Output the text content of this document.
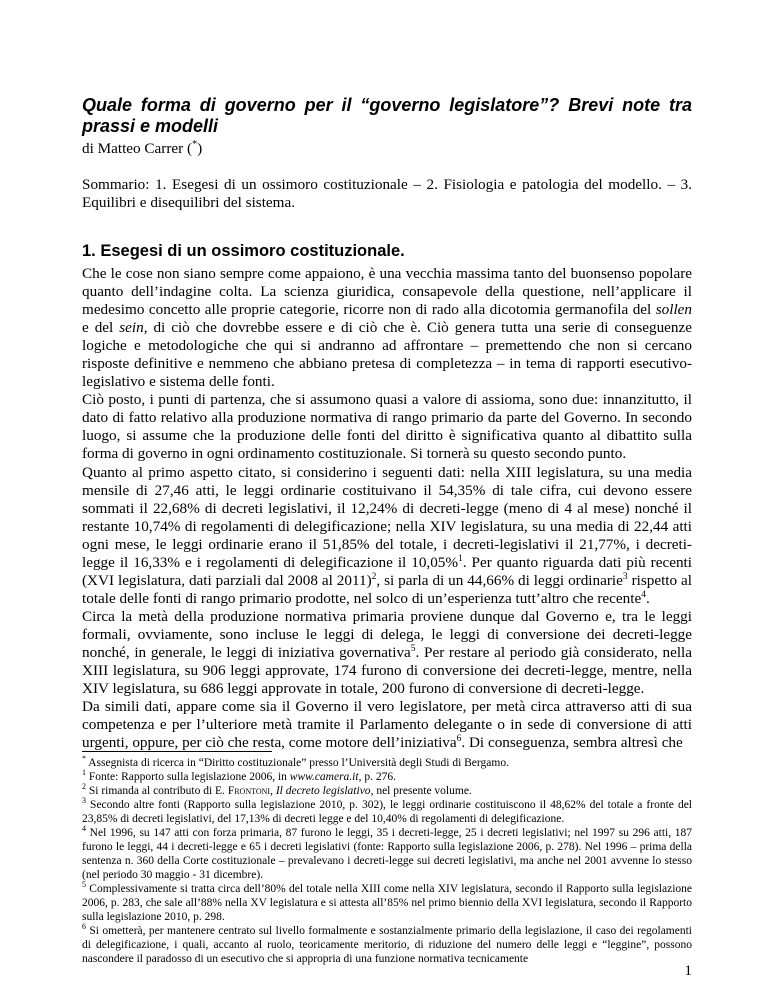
Quale forma di governo per il “governo legislatore”? Brevi note tra prassi e modelli
di Matteo Carrer (*)
Sommario: 1. Esegesi di un ossimoro costituzionale – 2. Fisiologia e patologia del modello. – 3. Equilibri e disequilibri del sistema.
1. Esegesi di un ossimoro costituzionale.

Che le cose non siano sempre come appaiono, è una vecchia massima tanto del buonsenso popolare quanto dell’indagine colta. La scienza giuridica, consapevole della questione, nell’applicare il medesimo concetto alle proprie categorie, ricorre non di rado alla dicotomia germanofila del sollen e del sein, di ciò che dovrebbe essere e di ciò che è. Ciò genera tutta una serie di conseguenze logiche e metodologiche che qui si andranno ad affrontare – premettendo che non si cercano risposte definitive e nemmeno che abbiano pretesa di completezza – in tema di rapporti esecutivo-legislativo e sistema delle fonti.

Ciò posto, i punti di partenza, che si assumono quasi a valore di assioma, sono due: innanzitutto, il dato di fatto relativo alla produzione normativa di rango primario da parte del Governo. In secondo luogo, si assume che la produzione delle fonti del diritto è significativa quanto al dibattito sulla forma di governo in ogni ordinamento costituzionale. Si tornerà su questo secondo punto.

Quanto al primo aspetto citato, si considerino i seguenti dati: nella XIII legislatura, su una media mensile di 27,46 atti, le leggi ordinarie costituivano il 54,35% di tale cifra, cui devono essere sommati il 22,68% di decreti legislativi, il 12,24% di decreti-legge (meno di 4 al mese) nonché il restante 10,74% di regolamenti di delegificazione; nella XIV legislatura, su una media di 22,44 atti ogni mese, le leggi ordinarie erano il 51,85% del totale, i decreti-legislativi il 21,77%, i decreti-legge il 16,33% e i regolamenti di delegificazione il 10,05%$^1$. Per quanto riguarda dati più recenti (XVI legislatura, dati parziali dal 2008 al 2011)$^2$, si parla di un 44,66% di leggi ordinarie$^3$ rispetto al totale delle fonti di rango primario prodotte, nel solco di un’esperienza tutt’altro che recente$^4$.

Circa la metà della produzione normativa primaria proviene dunque dal Governo e, tra le leggi formali, ovviamente, sono incluse le leggi di delega, le leggi di conversione dei decreti-legge nonché, in generale, le leggi di iniziativa governativa$^5$. Per restare al periodo già considerato, nella XIII legislatura, su 906 leggi approvate, 174 furono di conversione dei decreti-legge, mentre, nella XIV legislatura, su 686 leggi approvate in totale, 200 furono di conversione di decreti-legge.

Da simili dati, appare come sia il Governo il vero legislatore, per metà circa attraverso atti di sua competenza e per l’ulteriore metà tramite il Parlamento delegante o in sede di conversione di atti urgenti, oppure, per ciò che resta, come motore dell’iniziativa$^6$. Di conseguenza, sembra altresì che

* Assegnista di ricerca in “Diritto costituzionale” presso l’Università degli Studi di Bergamo.

$^1$ Fonte: Rapporto sulla legislazione 2006, in www.camera.it, p. 276.

$^2$ Si rimanda al contributo di E. Frontoni, Il decreto legislativo, nel presente volume.

$^3$ Secondo altre fonti (Rapporto sulla legislazione 2010, p. 302), le leggi ordinarie costituiscono il 48,62% del totale a fronte del 23,85% di decreti legislativi, del 17,13% di decreti legge e del 10,40% di regolamenti di delegificazione.

$^4$ Nel 1996, su 147 atti con forza primaria, 87 furono le leggi, 35 i decreti-legge, 25 i decreti legislativi; nel 1997 su 296 atti, 187 furono le leggi, 44 i decreti-legge e 65 i decreti legislativi (fonte: Rapporto sulla legislazione 2006, p. 278). Nel 1996 – prima della sentenza n. 360 della Corte costituzionale – prevalevano i decreti-legge sui decreti legislativi, ma anche nel 2001 avvenne lo stesso (nel periodo 30 maggio - 31 dicembre).

$^5$ Complessivamente si tratta circa dell’80% del totale nella XIII come nella XIV legislatura, secondo il Rapporto sulla legislazione 2006, p. 283, che sale all’88% nella XV legislatura e si attesta all’85% nel primo biennio della XVI legislatura, secondo il Rapporto sulla legislazione 2010, p. 298.

$^6$ Si ometterà, per mantenere centrato sul livello formalmente e sostanzialmente primario della legislazione, il caso dei regolamenti di delegificazione, i quali, accanto al ruolo, teoricamente meritorio, di riduzione del numero delle leggi e “leggine”, possono nascondere il paradosso di un esecutivo che si appropria di una funzione normativa tecnicamente

1
